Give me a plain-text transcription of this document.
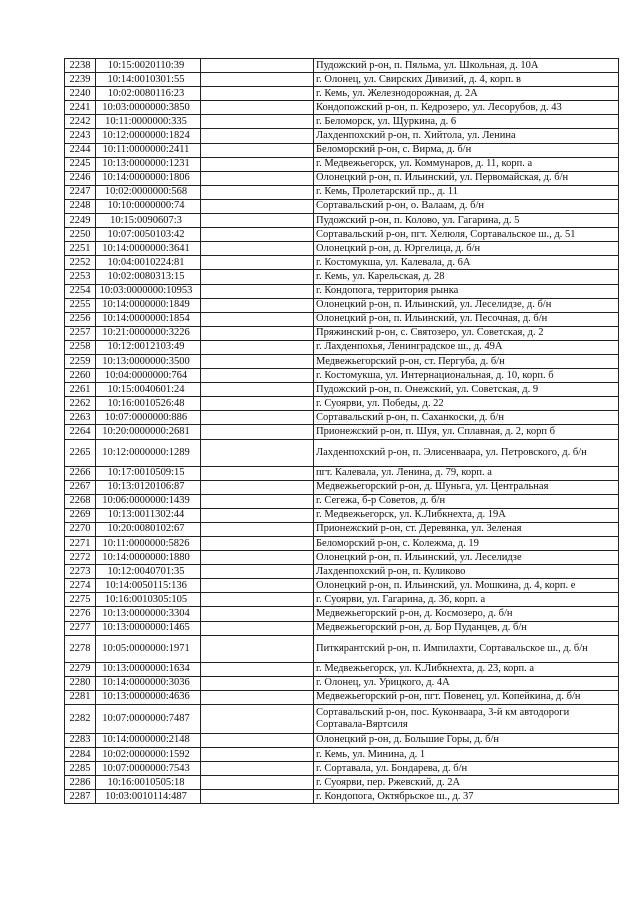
2238	10:15:0020110:39		Пудожский р-он, п. Пяльма, ул. Школьная, д. 10А
2239	10:14:0010301:55		г. Олонец, ул. Свирских Дивизий, д. 4, корп. в
2240	10:02:0080116:23		г. Кемь, ул. Железнодорожная, д. 2А
2241	10:03:0000000:3850		Кондопожский р-он, п. Кедрозеро, ул. Лесорубов, д. 43
2242	10:11:0000000:335		г. Беломорск, ул. Щуркина, д. 6
2243	10:12:0000000:1824		Лахденпохский р-он, п. Хийтола, ул. Ленина
2244	10:11:0000000:2411		Беломорский р-он, с. Вирма, д. б/н
2245	10:13:0000000:1231		г. Медвежьегорск, ул. Коммунаров, д. 11, корп. а
2246	10:14:0000000:1806		Олонецкий р-он, п. Ильинский, ул. Первомайская, д. б/н
2247	10:02:0000000:568		г. Кемь, Пролетарский пр., д. 11
2248	10:10:0000000:74		Сортавальский р-он, о. Валаам, д. б/н
2249	10:15:0090607:3		Пудожский р-он, п. Колово, ул. Гагарина, д. 5
2250	10:07:0050103:42		Сортавальский р-он, пгт. Хелюля, Сортавальское ш., д. 51
2251	10:14:0000000:3641		Олонецкий р-он, д. Юргелица, д. б/н
2252	10:04:0010224:81		г. Костомукша, ул. Калевала, д. 6А
2253	10:02:0080313:15		г. Кемь, ул. Карельская, д. 28
2254	10:03:0000000:10953		г. Кондопога, территория рынка
2255	10:14:0000000:1849		Олонецкий р-он, п. Ильинский, ул. Леселидзе, д. б/н
2256	10:14:0000000:1854		Олонецкий р-он, п. Ильинский, ул. Песочная, д. б/н
2257	10:21:0000000:3226		Пряжинский р-он, с. Святозеро, ул. Советская, д. 2
2258	10:12:0012103:49		г. Лахденпохья, Ленинградское ш., д. 49А
2259	10:13:0000000:3500		Медвежьегорский р-он, ст. Пергуба, д. б/н
2260	10:04:0000000:764		г. Костомукша, ул. Интернациональная, д. 10, корп. б
2261	10:15:0040601:24		Пудожский р-он, п. Онежский, ул. Советская, д. 9
2262	10:16:0010526:48		г. Суоярви, ул. Победы, д. 22
2263	10:07:0000000:886		Сортавальский р-он, п. Саханкоски, д. б/н
2264	10:20:0000000:2681		Прионежский р-он, п. Шуя, ул. Сплавная, д. 2, корп б
2265	10:12:0000000:1289		Лахденпохский р-он, п. Элисенваара, ул. Петровского, д. б/н
2266	10:17:0010509:15		пгт. Калевала, ул. Ленина, д. 79, корп. а
2267	10:13:0120106:87		Медвежьегорский р-он, д. Шуньга, ул. Центральная
2268	10:06:0000000:1439		г. Сегежа, б-р Советов, д. б/н
2269	10:13:0011302:44		г. Медвежьегорск, ул. К.Либкнехта, д. 19А
2270	10:20:0080102:67		Прионежский р-он, ст. Деревянка, ул. Зеленая
2271	10:11:0000000:5826		Беломорский р-он, с. Колежма, д. 19
2272	10:14:0000000:1880		Олонецкий р-он, п. Ильинский, ул. Леселидзе
2273	10:12:0040701:35		Лахденпохский р-он, п. Куликово
2274	10:14:0050115:136		Олонецкий р-он, п. Ильинский, ул. Мошкина, д. 4, корп. е
2275	10:16:0010305:105		г. Суоярви, ул. Гагарина, д. 36, корп. а
2276	10:13:0000000:3304		Медвежьегорский р-он, д. Космозеро, д. б/н
2277	10:13:0000000:1465		Медвежьегорский р-он, д. Бор Пуданцев, д. б/н
2278	10:05:0000000:1971		Питкярантский р-он, п. Импилахти, Сортавальское ш., д. б/н
2279	10:13:0000000:1634		г. Медвежьегорск, ул. К.Либкнехта, д. 23, корп. а
2280	10:14:0000000:3036		г. Олонец, ул. Урицкого, д. 4А
2281	10:13:0000000:4636		Медвежьегорский р-он, пгт. Повенец, ул. Копейкина, д. б/н
2282	10:07:0000000:7487		Сортавальский р-он, пос. Куконваара, 3-й км автодороги Сортавала-Вяртсиля
2283	10:14:0000000:2148		Олонецкий р-он, д. Большие Горы, д. б/н
2284	10:02:0000000:1592		г. Кемь, ул. Минина, д. 1
2285	10:07:0000000:7543		г. Сортавала, ул. Бондарева, д. б/н
2286	10:16:0010505:18		г. Суоярви, пер. Ржевский, д. 2А
2287	10:03:0010114:487		г. Кондопога, Октябрьское ш., д. 37
